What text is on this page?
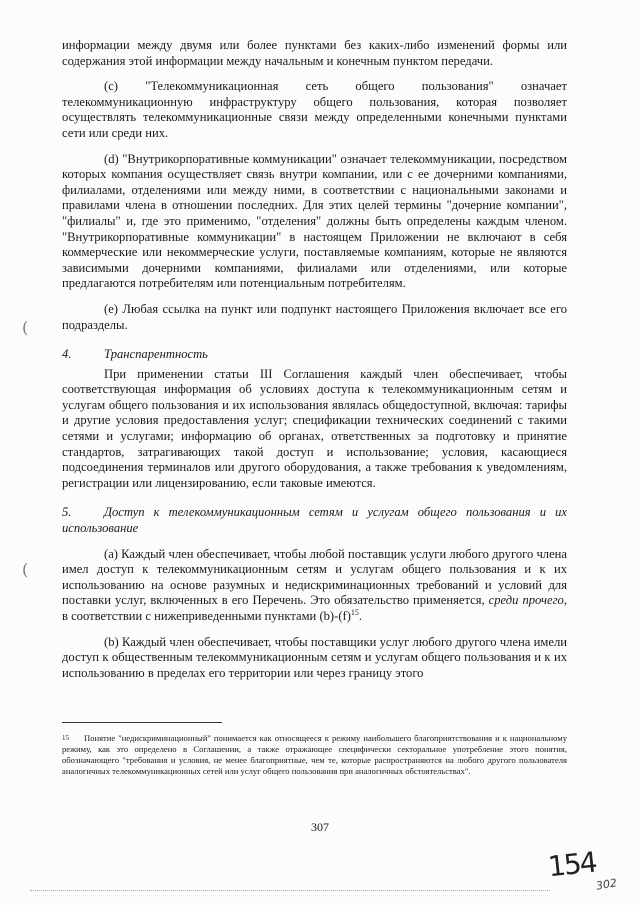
информации между двумя или более пунктами без каких-либо изменений формы или содержания этой информации между начальным и конечным пунктом передачи.

(c) "Телекоммуникационная сеть общего пользования" означает телекоммуникационную инфраструктуру общего пользования, которая позволяет осуществлять телекоммуникационные связи между определенными конечными пунктами сети или среди них.

(d) "Внутрикорпоративные коммуникации" означает телекоммуникации, посредством которых компания осуществляет связь внутри компании, или с ее дочерними компаниями, филиалами, отделениями или между ними, в соответствии с национальными законами и правилами члена в отношении последних. Для этих целей термины "дочерние компании", "филиалы" и, где это применимо, "отделения" должны быть определены каждым членом. "Внутрикорпоративные коммуникации" в настоящем Приложении не включают в себя коммерческие или некоммерческие услуги, поставляемые компаниям, которые не являются зависимыми дочерними компаниями, филиалами или отделениями, или которые предлагаются потребителям или потенциальным потребителям.

(e) Любая ссылка на пункт или подпункт настоящего Приложения включает все его подразделы.

4.	Транспарентность

При применении статьи III Соглашения каждый член обеспечивает, чтобы соответствующая информация об условиях доступа к телекоммуникационным сетям и услугам общего пользования и их использования являлась общедоступной, включая: тарифы и другие условия предоставления услуг; спецификации технических соединений с такими сетями и услугами; информацию об органах, ответственных за подготовку и принятие стандартов, затрагивающих такой доступ и использование; условия, касающиеся подсоединения терминалов или другого оборудования, а также требования к уведомлениям, регистрации или лицензированию, если таковые имеются.

5.	Доступ к телекоммуникационным сетям и услугам общего пользования и их использование

(a) Каждый член обеспечивает, чтобы любой поставщик услуги любого другого члена имел доступ к телекоммуникационным сетям и услугам общего пользования и к их использованию на основе разумных и недискриминационных требований и условий для поставки услуг, включенных в его Перечень. Это обязательство применяется, среди прочего, в соответствии с нижеприведенными пунктами $(b)-(f)^{15}$.

(b) Каждый член обеспечивает, чтобы поставщики услуг любого другого члена имели доступ к общественным телекоммуникационным сетям и услугам общего пользования и к их использованию в пределах его территории или через границу этого

15 Понятие "недискриминационный" понимается как относящееся к режиму наибольшего благоприятствования и к национальному режиму, как это определено в Соглашении, а также отражающее специфически секторальное употребление этого понятия, обозначающего "требования и условия, не менее благоприятные, чем те, которые распространяются на любого другого пользователя аналогичных телекоммуникационных сетей или услуг общего пользования при аналогичных обстоятельствах".
307
(
(
154
302
